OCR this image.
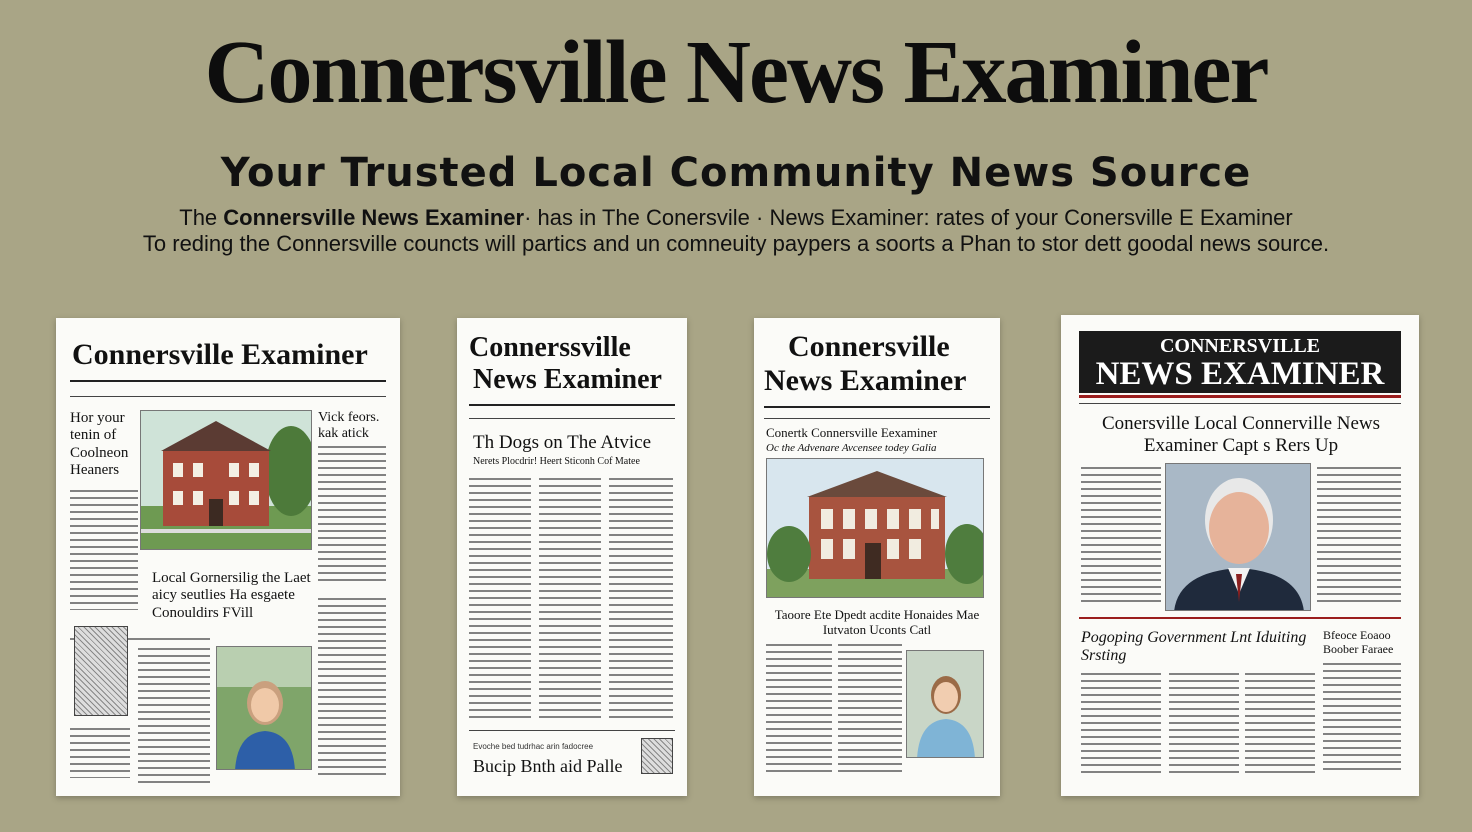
Connersville News Examiner
Your Trusted Local Community News Source
The Connersville News Examiner· has in The Conersvile · News Examiner: rates of your Conersville E Examiner
To reding the Connersville councts will partics and un comneuity paypers a soorts a Phan to stor dett goodal news source.
Connersville Examiner
Hor your tenin of Coolneon Heaners
Vick feors. kak atick
Local Gornersilig the Laet aicy seutlies Ha esgaete Conouldirs FVill
Connerssville
News Examiner
Th Dogs on The Atvice
Nerets Plocdrir! Heert Sticonh Cof Matee
Evoche bed tudrhac arin fadocree
Bucip Bnth aid Palle
Connersville
News Examiner
Conertk Connersville Eexaminer
Oc the Advenare Avcensee todey Galia
Taoore Ete Dpedt acdite Honaides Mae Iutvaton Uconts Catl
CONNERSVILLE
NEWS EXAMINER
Conersville Local Connerville News Examiner Capt s Rers Up
Pogoping Government Lnt Iduiting Srsting
Bfeoce Eoaoo Boober Faraee
